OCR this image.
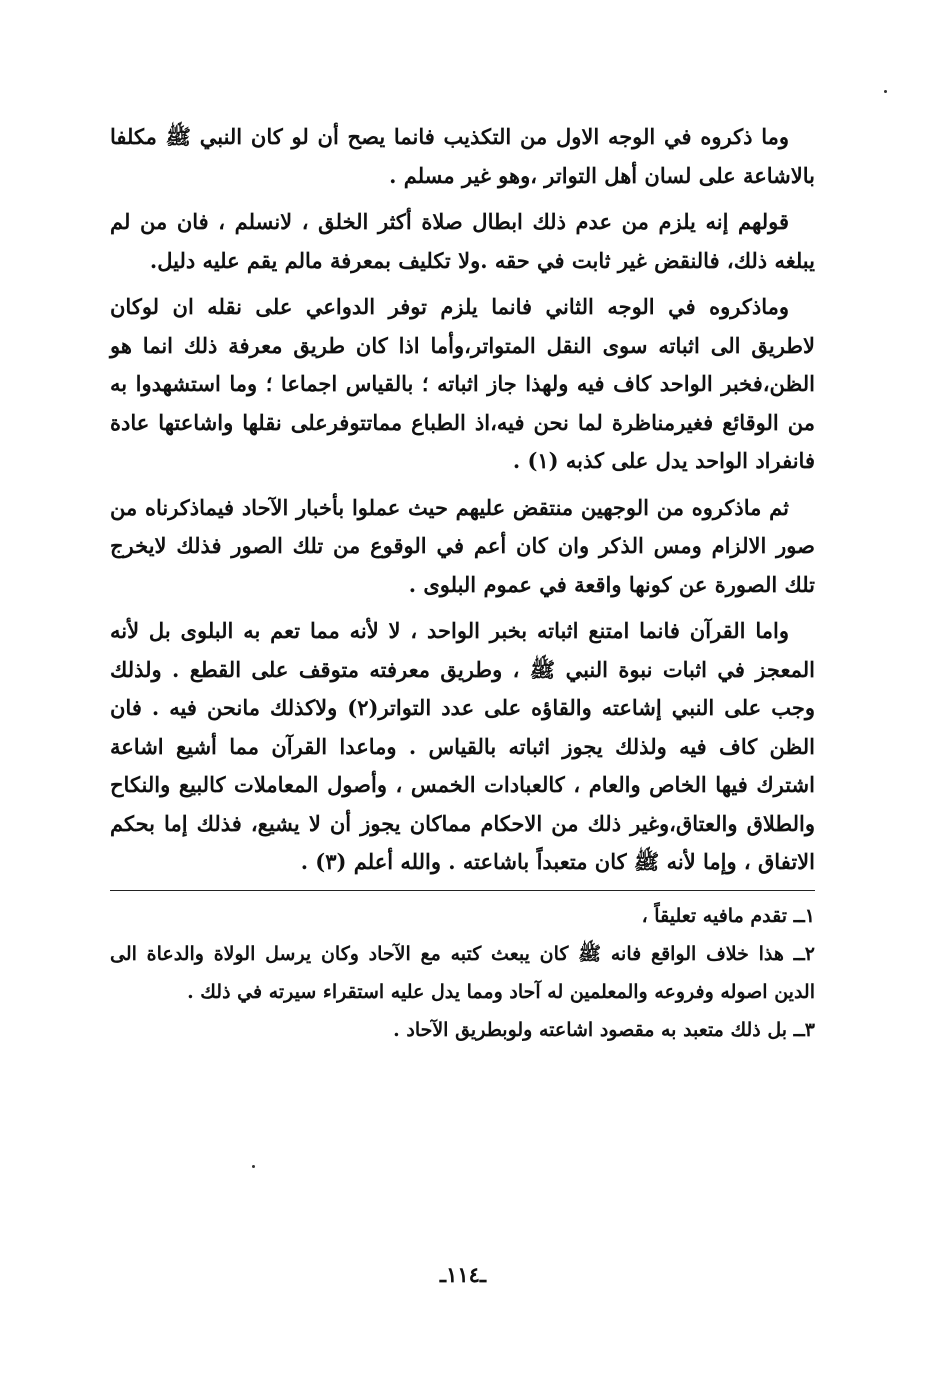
وما ذكروه في الوجه الاول من التكذيب فانما يصح أن لو كان النبي ﷺ مكلفا بالاشاعة على لسان أهل التواتر ،وهو غير مسلم .

قولهم إنه يلزم من عدم ذلك ابطال صلاة أكثر الخلق ، لانسلم ، فان من لم يبلغه ذلك، فالنقض غير ثابت في حقه .ولا تكليف بمعرفة مالم يقم عليه دليل.

وماذكروه في الوجه الثاني فانما يلزم توفر الدواعي على نقله ان لوكان لاطريق الى اثباته سوى النقل المتواتر،وأما اذا كان طريق معرفة ذلك انما هو الظن،فخبر الواحد كاف فيه ولهذا جاز اثباته ؛ بالقياس اجماعا ؛ وما استشهدوا به من الوقائع فغيرمناظرة لما نحن فيه،اذ الطباع مماتتوفرعلى نقلها واشاعتها عادة فانفراد الواحد يدل على كذبه (١) .

ثم ماذكروه من الوجهين منتقض عليهم حيث عملوا بأخبار الآحاد فيماذكرناه من صور الالزام ومس الذكر وان كان أعم في الوقوع من تلك الصور فذلك لايخرج تلك الصورة عن كونها واقعة في عموم البلوى .

واما القرآن فانما امتنع اثباته بخبر الواحد ، لا لأنه مما تعم به البلوى بل لأنه المعجز في اثبات نبوة النبي ﷺ ، وطريق معرفته متوقف على القطع . ولذلك وجب على النبي إشاعته والقاؤه على عدد التواتر(٢) ولاكذلك مانحن فيه . فان الظن كاف فيه ولذلك يجوز اثباته بالقياس . وماعدا القرآن مما أشيع اشاعة اشترك فيها الخاص والعام ، كالعبادات الخمس ، وأصول المعاملات كالبيع والنكاح والطلاق والعتاق،وغير ذلك من الاحكام مماكان يجوز أن لا يشيع، فذلك إما بحكم الاتفاق ، وإما لأنه ﷺ كان متعبداً باشاعته . والله أعلم (٣) .

١ــ تقدم مافيه تعليقاً ،

٢ــ هذا خلاف الواقع فانه ﷺ كان يبعث كتبه مع الآحاد وكان يرسل الولاة والدعاة الى الدين اصوله وفروعه والمعلمين له آحاد ومما يدل عليه استقراء سيرته في ذلك .

٣ــ بل ذلك متعبد به مقصود اشاعته ولوبطريق الآحاد .

ـ١١٤ـ
